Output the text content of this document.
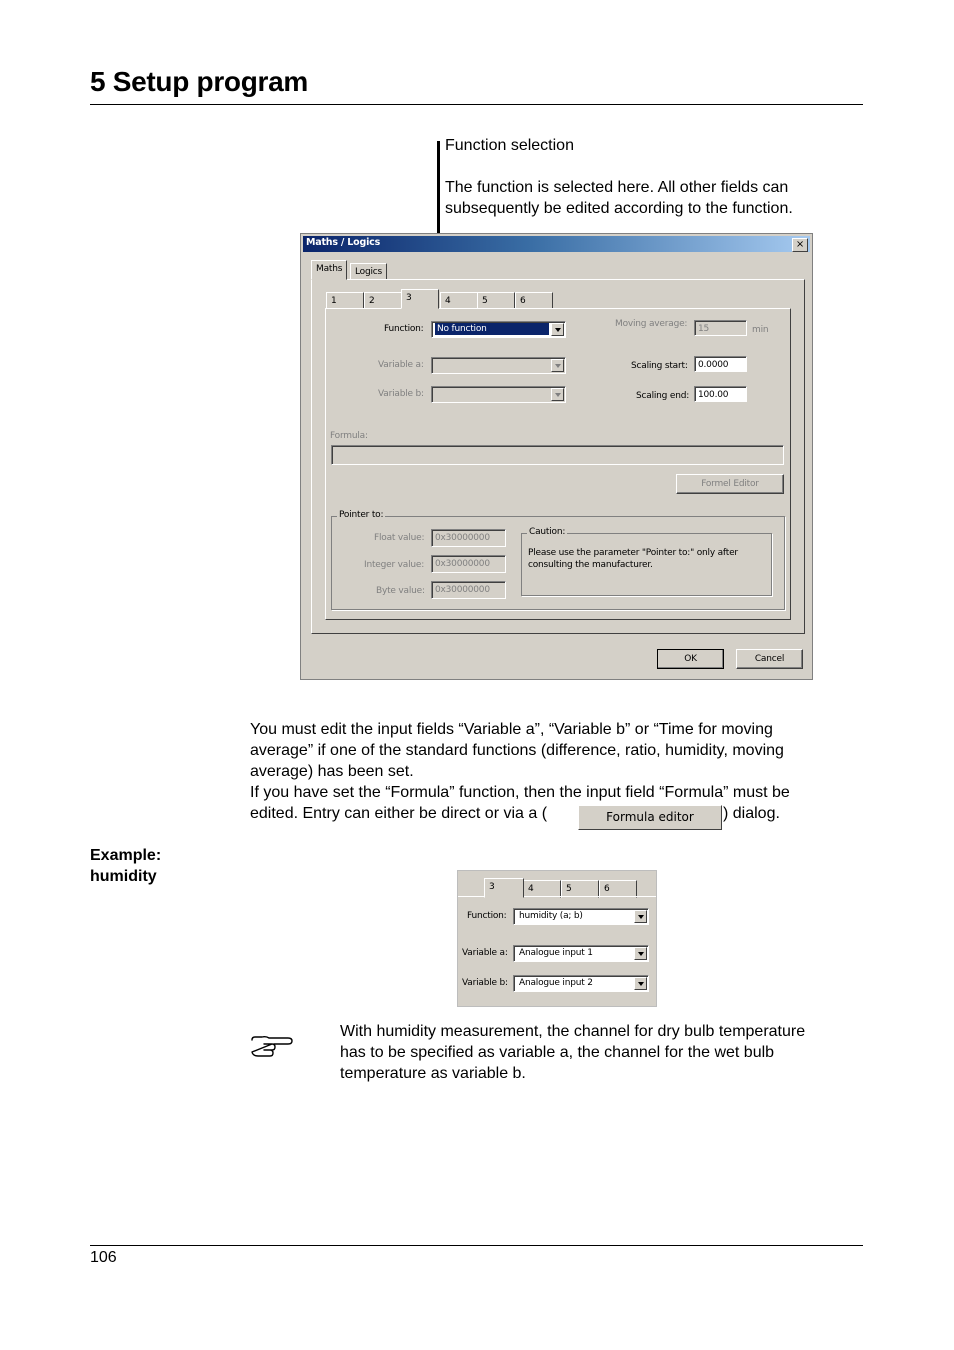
5 Setup program
Function selection
The function is selected here. All other fields can
subsequently be edited according to the function.
Maths / Logics	×
Maths	Logics
1	2	3	4	5	6
Function: No function
Variable a:
Variable b:
Moving average:	15	min
Scaling start:	0.0000
Scaling end: 100.00
Formula:
Formel Editor
Pointer to:
Float value:	0x30000000
Integer value:	0x30000000
Byte value:	0x30000000
Caution:
Please use the parameter "Pointer to:" only after
consulting the manufacturer.
OK	Cancel
You must edit the input fields “Variable a”, “Variable b” or “Time for moving
average” if one of the standard functions (difference, ratio, humidity, moving
average) has been set.
If you have set the “Formula” function, then the input field “Formula” must be
edited. Entry can either be direct or via a (	Formula editor	) dialog.
Example:
humidity
3	4	5	6
Function: humidity (a; b)
Variable a: Analogue input 1
Variable b: Analogue input 2
With humidity measurement, the channel for dry bulb temperature
has to be specified as variable a, the channel for the wet bulb
temperature as variable b.
106
